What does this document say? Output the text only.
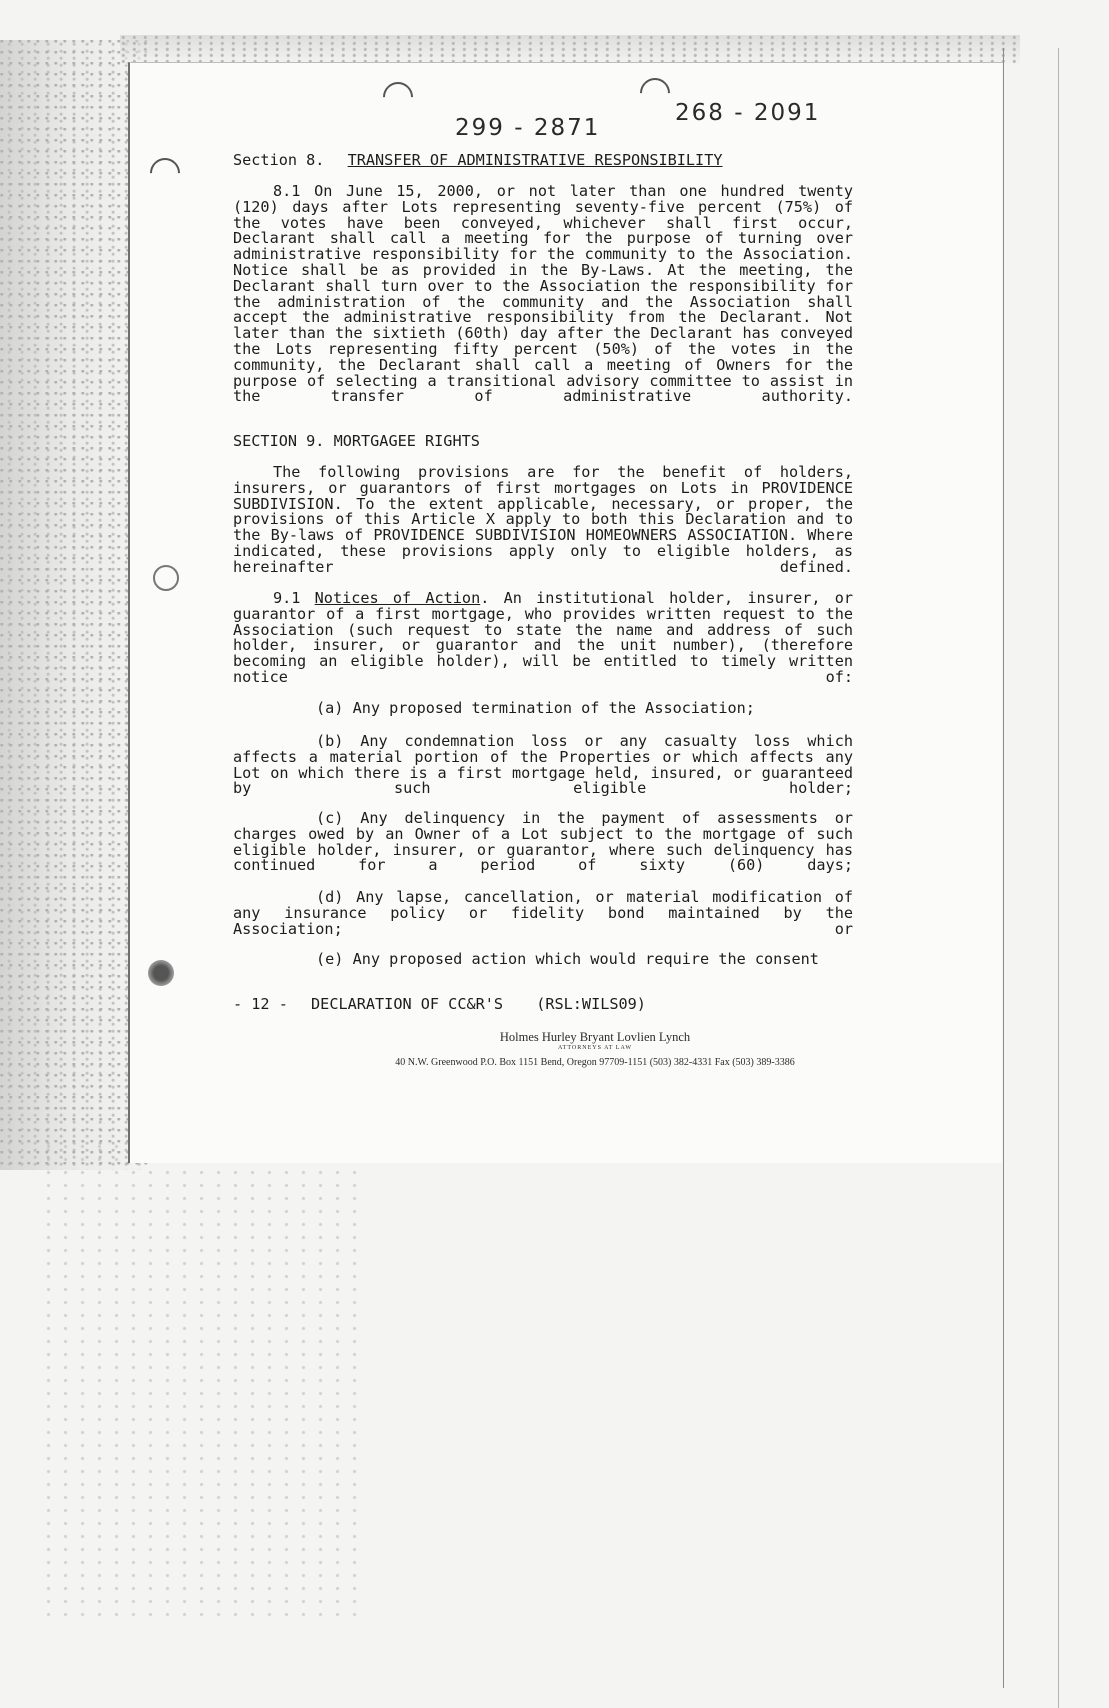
299 - 2871
268 - 2091
Section 8. TRANSFER OF ADMINISTRATIVE RESPONSIBILITY
8.1 On June 15, 2000, or not later than one hundred twenty (120) days after Lots representing seventy-five percent (75%) of the votes have been conveyed, whichever shall first occur, Declarant shall call a meeting for the purpose of turning over administrative responsibility for the community to the Association. Notice shall be as provided in the By-Laws. At the meeting, the Declarant shall turn over to the Association the responsibility for the administration of the community and the Association shall accept the administrative responsibility from the Declarant. Not later than the sixtieth (60th) day after the Declarant has conveyed the Lots representing fifty percent (50%) of the votes in the community, the Declarant shall call a meeting of Owners for the purpose of selecting a transitional advisory committee to assist in the transfer of administrative authority.
SECTION 9. MORTGAGEE RIGHTS
The following provisions are for the benefit of holders, insurers, or guarantors of first mortgages on Lots in PROVIDENCE SUBDIVISION. To the extent applicable, necessary, or proper, the provisions of this Article X apply to both this Declaration and to the By-laws of PROVIDENCE SUBDIVISION HOMEOWNERS ASSOCIATION. Where indicated, these provisions apply only to eligible holders, as hereinafter defined.
9.1 Notices of Action. An institutional holder, insurer, or guarantor of a first mortgage, who provides written request to the Association (such request to state the name and address of such holder, insurer, or guarantor and the unit number), (therefore becoming an eligible holder), will be entitled to timely written notice of:
(a) Any proposed termination of the Association;
(b) Any condemnation loss or any casualty loss which affects a material portion of the Properties or which affects any Lot on which there is a first mortgage held, insured, or guaranteed by such eligible holder;
(c) Any delinquency in the payment of assessments or charges owed by an Owner of a Lot subject to the mortgage of such eligible holder, insurer, or guarantor, where such delinquency has continued for a period of sixty (60) days;
(d) Any lapse, cancellation, or material modification of any insurance policy or fidelity bond maintained by the Association; or
(e) Any proposed action which would require the consent
- 12 - DECLARATION OF CC&R'S (RSL:WILS09)
Holmes Hurley Bryant Lovlien Lynch
ATTORNEYS AT LAW
40 N.W. Greenwood P.O. Box 1151 Bend, Oregon 97709-1151 (503) 382-4331 Fax (503) 389-3386
